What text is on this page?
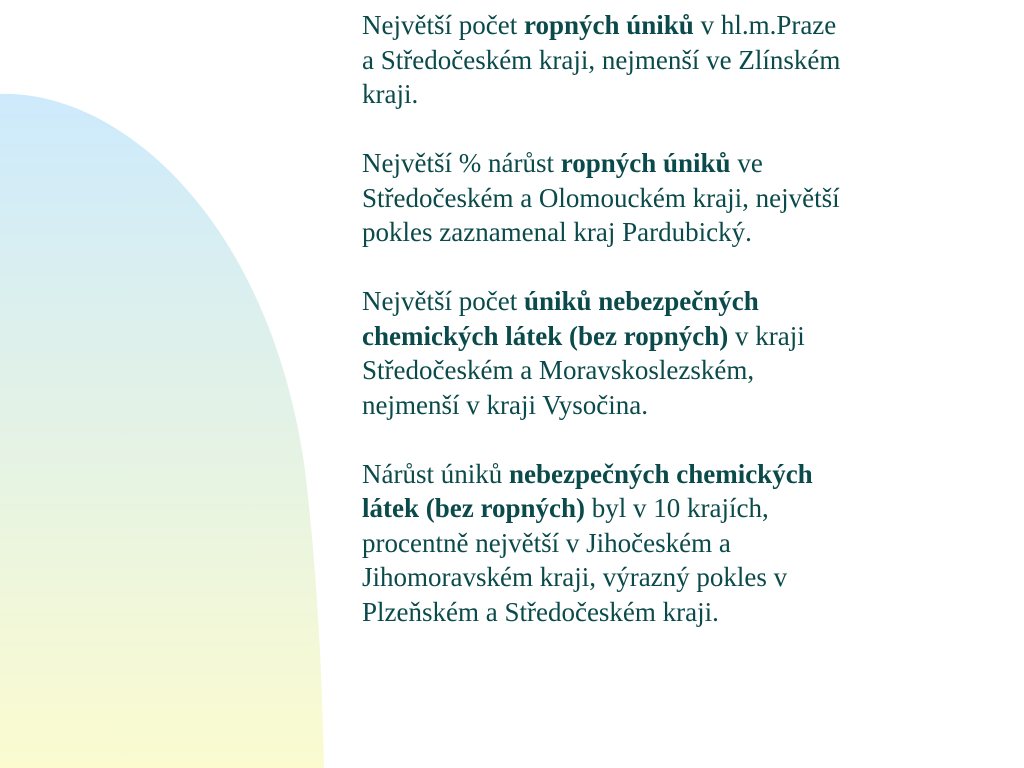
Největší počet ropných úniků v hl.m.Praze
a Středočeském kraji, nejmenší ve Zlínském
kraji.

Největší % nárůst ropných úniků ve
Středočeském a Olomouckém kraji, největší
pokles zaznamenal kraj Pardubický.

Největší počet úniků nebezpečných
chemických látek (bez ropných) v kraji
Středočeském a Moravskoslezském,
nejmenší v kraji Vysočina.

Nárůst úniků nebezpečných chemických
látek (bez ropných) byl v 10 krajích,
procentně největší v Jihočeském a
Jihomoravském kraji, výrazný pokles v
Plzeňském a Středočeském kraji.
